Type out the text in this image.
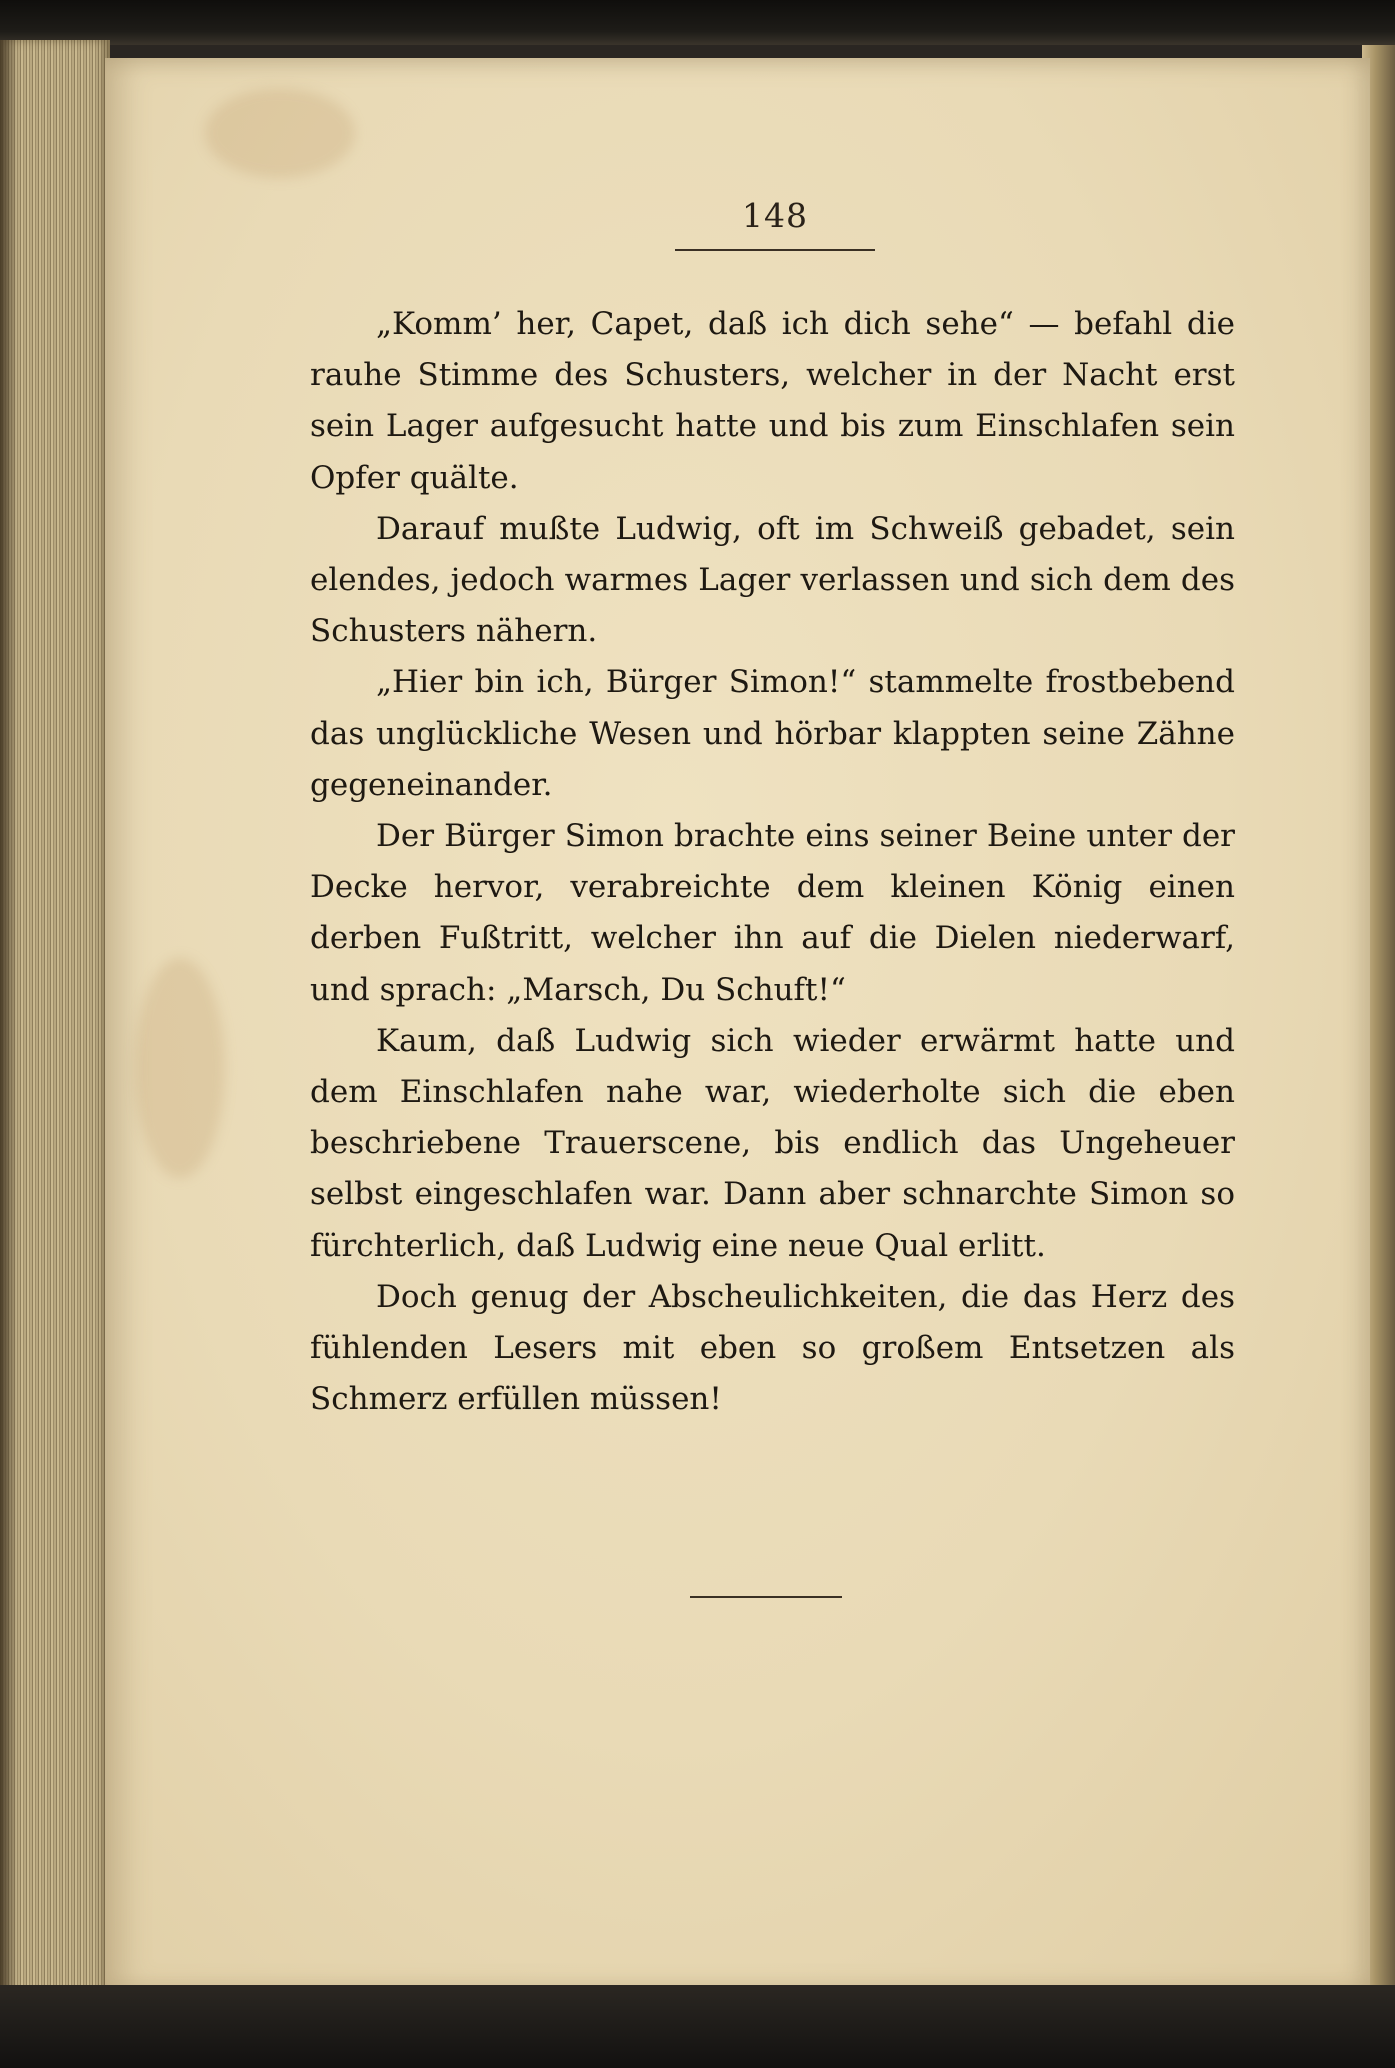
148

„Komm’ her, Capet, daß ich dich sehe“ — befahl die rauhe Stimme des Schusters, welcher in der Nacht erst sein Lager aufgesucht hatte und bis zum Einschlafen sein Opfer quälte.

Darauf mußte Ludwig, oft im Schweiß gebadet, sein elendes, jedoch warmes Lager verlassen und sich dem des Schusters nähern.

„Hier bin ich, Bürger Simon!“ stammelte frostbebend das unglückliche Wesen und hörbar klappten seine Zähne gegeneinander.

Der Bürger Simon brachte eins seiner Beine unter der Decke hervor, verabreichte dem kleinen König einen derben Fußtritt, welcher ihn auf die Dielen niederwarf, und sprach: „Marsch, Du Schuft!“

Kaum, daß Ludwig sich wieder erwärmt hatte und dem Einschlafen nahe war, wiederholte sich die eben beschriebene Trauerscene, bis endlich das Ungeheuer selbst eingeschlafen war. Dann aber schnarchte Simon so fürchterlich, daß Ludwig eine neue Qual erlitt.

Doch genug der Abscheulichkeiten, die das Herz des fühlenden Lesers mit eben so großem Entsetzen als Schmerz erfüllen müssen!
